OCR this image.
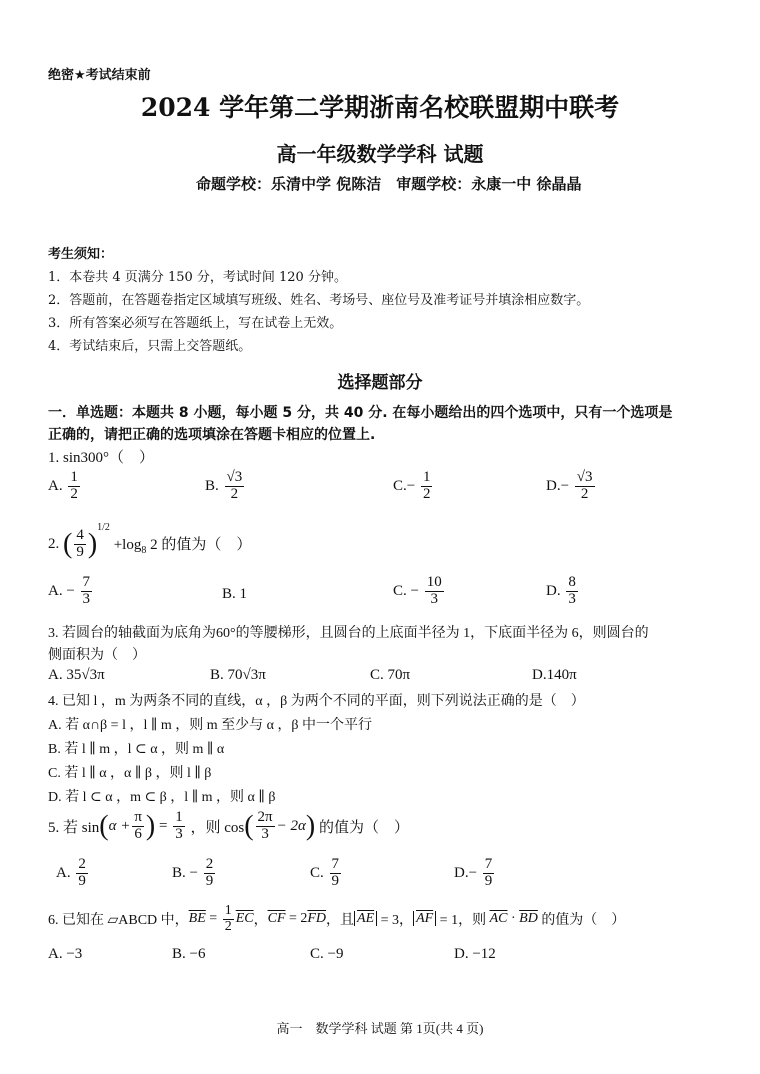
绝密★考试结束前
2024 学年第二学期浙南名校联盟期中联考
高一年级数学学科 试题
命题学校：乐清中学 倪陈洁　审题学校：永康一中 徐晶晶
考生须知：
1．本卷共 4 页满分 150 分，考试时间 120 分钟。
2．答题前，在答题卷指定区域填写班级、姓名、考场号、座位号及准考证号并填涂相应数字。
3．所有答案必须写在答题纸上，写在试卷上无效。
4．考试结束后，只需上交答题纸。
选择题部分
一．单选题：本题共 8 小题，每小题 5 分，共 40 分. 在每小题给出的四个选项中，只有一个选项是
正确的，请把正确的选项填涂在答题卡相应的位置上.
1. sin300°（　）
A. $\frac{1}{2}$	B. $\frac{√3}{2}$	$C.- \frac{1}{2}$	$D.- \frac{√3}{2}$
2. ( $\frac{4}{9} )^{1/2} +\log_8$ 2 的值为（　）
A. − $\frac{7}{3}$	B. 1	C. − $\frac{10}{3}$	D. $\frac{8}{3}$
3. 若圆台的轴截面为底角为60°的等腰梯形，且圆台的上底面半径为 1，下底面半径为 6，则圆台的
侧面积为（　）
A. 35√3π	B. 70√3π	C. 70π	D.140π
4. 已知 l ，m 为两条不同的直线，α ，β 为两个不同的平面，则下列说法正确的是（　）
A. 若 α∩β = l ，l ∥ m ，则 m 至少与 α ，β 中一个平行
B. 若 l ∥ m ，l ⊂ α ，则 m ∥ α
C. 若 l ∥ α ，α ∥ β ，则 l ∥ β
D. 若 l ⊂ α ，m ⊂ β ，l ∥ m ，则 α ∥ β
5. 若 $\sin(\alpha + \frac{\pi}{6}$ ) = $\frac{1}{3}$ ，则 $\cos( \frac{2\pi}{3} - 2\alpha)$ 的值为（　）
A. $\frac{2}{9}$	B. − $\frac{2}{9}$	C. $\frac{7}{9}$	$D.- \frac{7}{9}$
6. 已知在 ▱ABCD 中，$\overline{BE} = \frac{1}{2} \overline{EC}$，$\overline{CF} = 2\overline{FD}$，且 $\overline{AE} = 3$， $\overline{AF} = 1$，则 $\overline{AC} \cdot \overline{BD}$ 的值为（　）
A. −3	B. −6	C. −9	D. −12
高一　数学学科 试题 第 1页(共 4 页)
